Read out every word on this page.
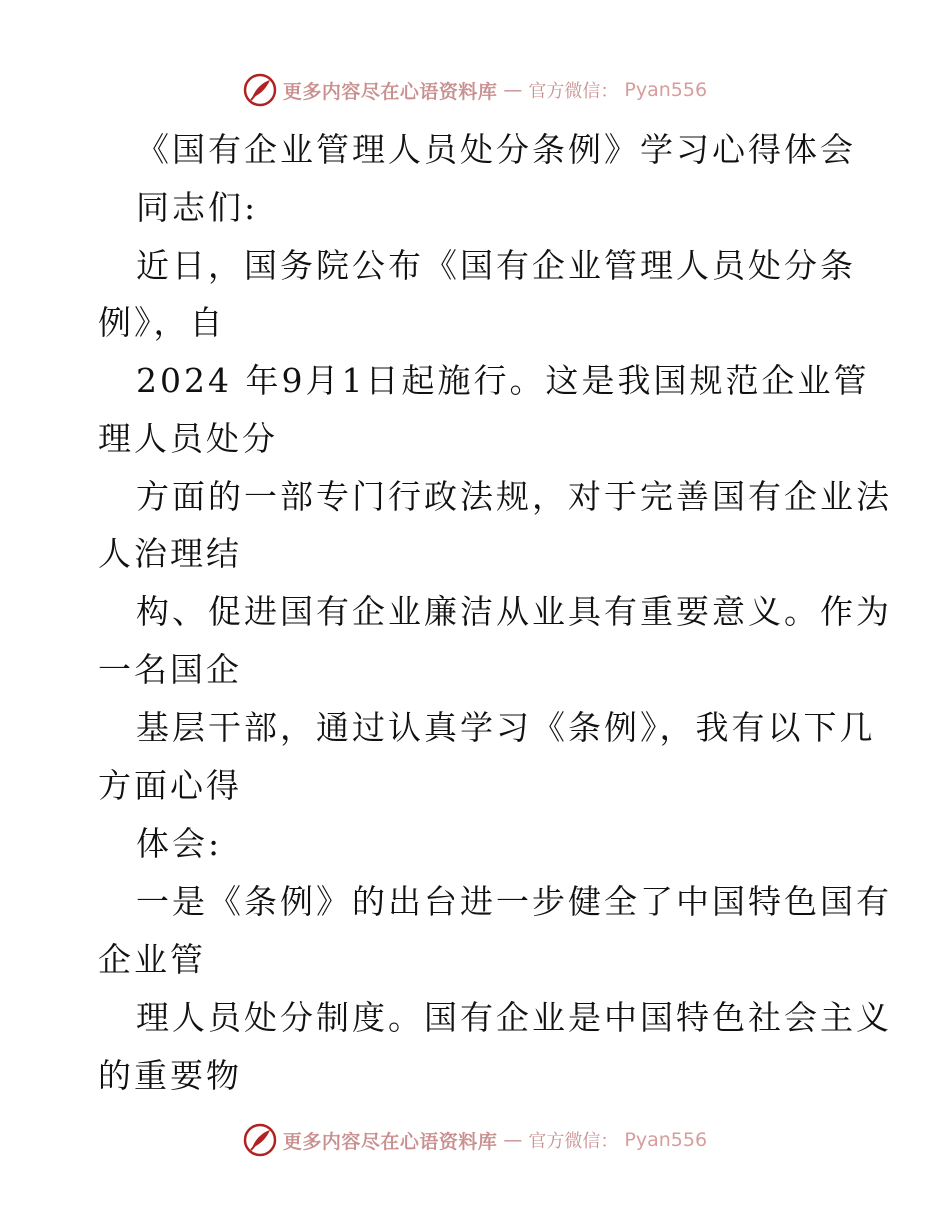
更多内容尽在心语资料库 — 官方微信： Pyan556
《国有企业管理人员处分条例》学习心得体会
同志们:
近日，国务院公布《国有企业管理人员处分条
例》，自
2024 年9月1日起施行。这是我国规范企业管
理人员处分
方面的一部专门行政法规，对于完善国有企业法
人治理结
构、促进国有企业廉洁从业具有重要意义。作为
一名国企
基层干部，通过认真学习《条例》，我有以下几
方面心得
体会:
一是《条例》的出台进一步健全了中国特色国有
企业管
理人员处分制度。国有企业是中国特色社会主义
的重要物
更多内容尽在心语资料库 — 官方微信： Pyan556
